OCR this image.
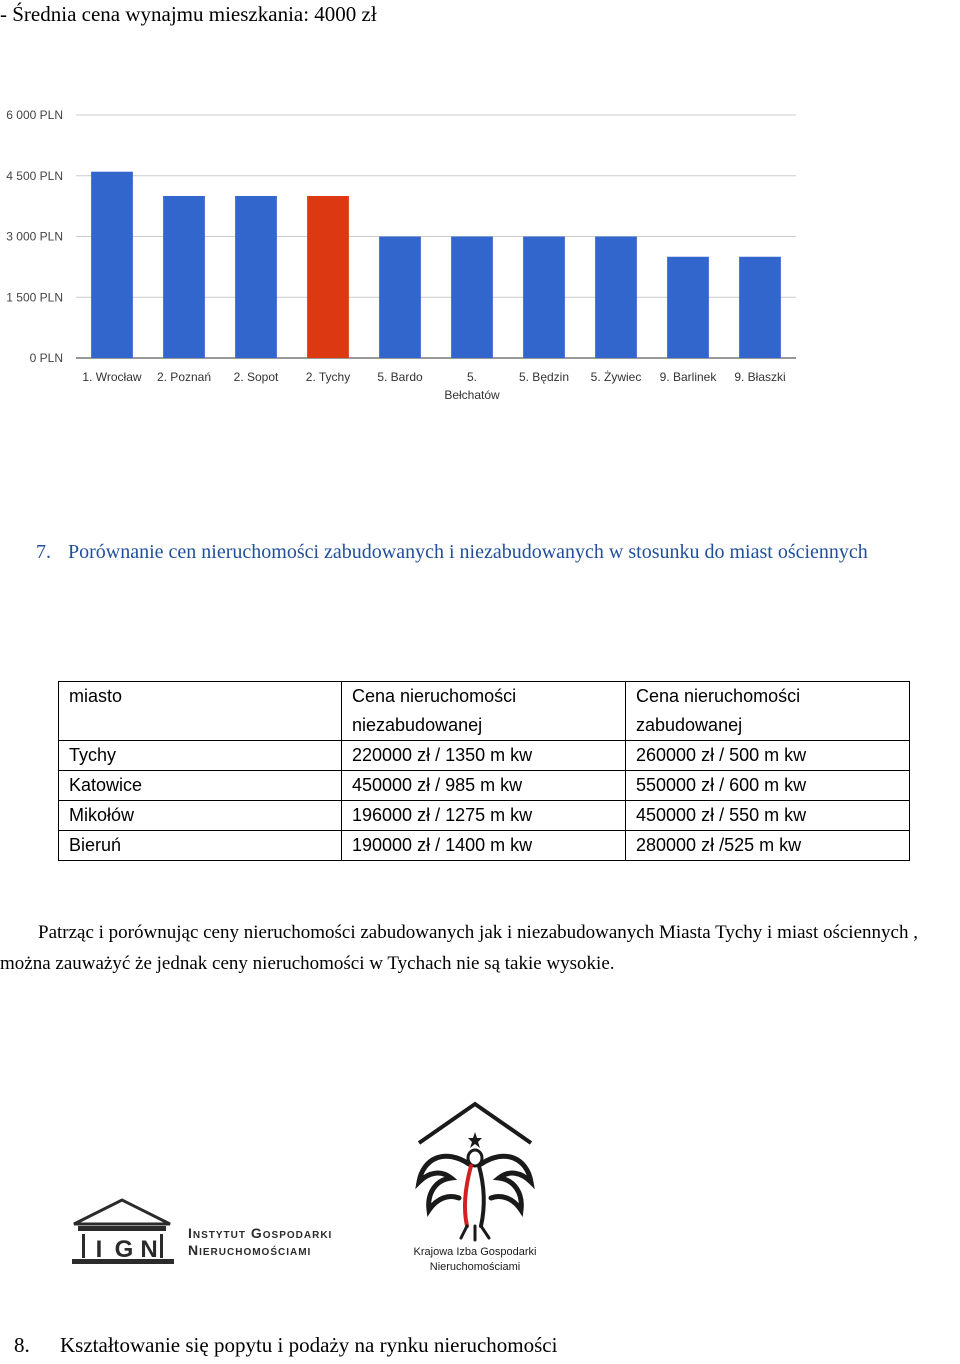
- Średnia cena wynajmu mieszkania: 4000 zł
0 PLN
1 500 PLN
3 000 PLN
4 500 PLN
6 000 PLN
1. Wrocław 2. Poznań 2. Sopot 2. Tychy 5. Bardo	5. Bełchatów
5. Będzin 5. Żywiec 9. Barlinek 9. Błaszki
7. Porównanie cen nieruchomości zabudowanych i niezabudowanych w stosunku do miast ościennych
miasto	Cena nieruchomości niezabudowanej	Cena nieruchomości zabudowanej
Tychy	220000 zł / 1350 m kw	260000 zł / 500 m kw
Katowice	450000 zł / 985 m kw	550000 zł / 600 m kw
Mikołów	196000 zł / 1275 m kw	450000 zł / 550 m kw
Bieruń	190000 zł / 1400 m kw	280000 zł /525 m kw
Patrząc i porównując ceny nieruchomości zabudowanych jak i niezabudowanych Miasta Tychy i miast ościennych , można zauważyć że jednak ceny nieruchomości w Tychach nie są takie wysokie.
I G N
Instytut Gospodarki
Nieruchomościami	Krajowa Izba Gospodarki
Nieruchomościami
8. Kształtowanie się popytu i podaży na rynku nieruchomości
